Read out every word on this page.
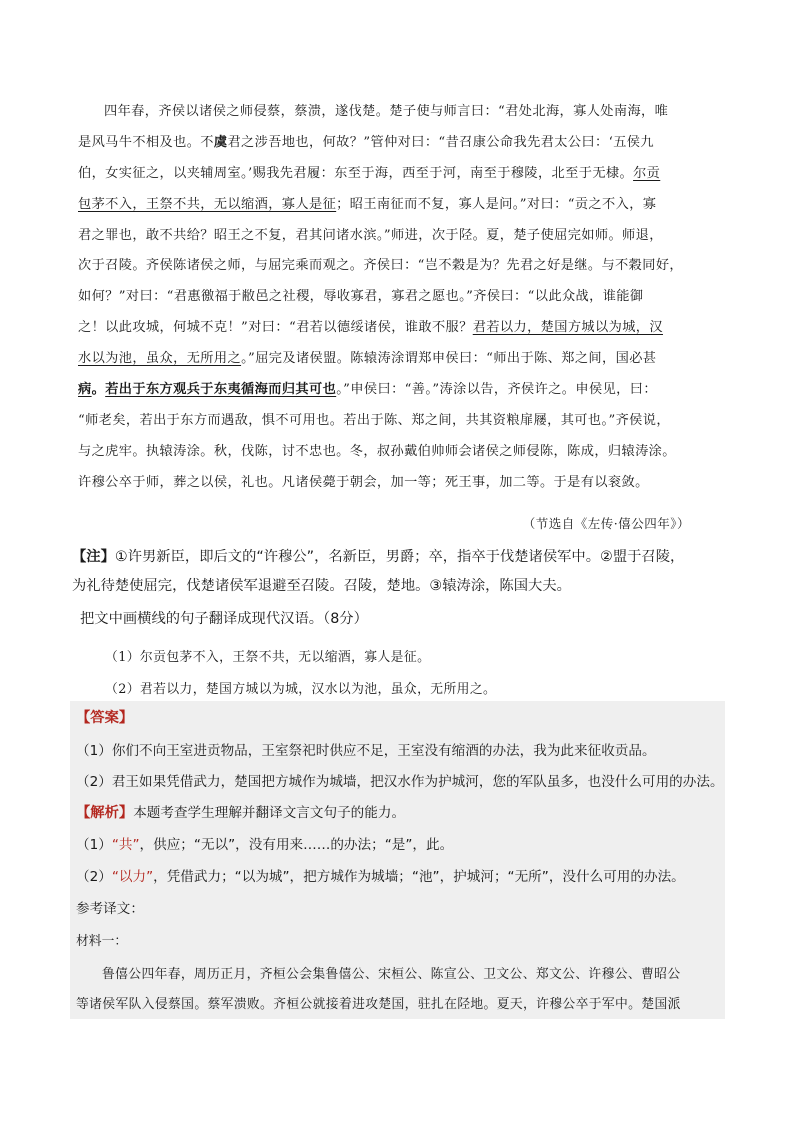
四年春，齐侯以诸侯之师侵蔡，蔡溃，遂伐楚。楚子使与师言曰：“君处北海，寡人处南海，唯
是风马牛不相及也。不虞君之涉吾地也，何故？”管仲对曰：“昔召康公命我先君太公曰：‘五侯九
伯，女实征之，以夹辅周室。’赐我先君履：东至于海，西至于河，南至于穆陵，北至于无棣。尔贡
包茅不入，王祭不共，无以缩酒，寡人是征；昭王南征而不复，寡人是问。”对曰：“贡之不入，寡
君之罪也，敢不共给？昭王之不复，君其问诸水滨。”师进，次于陉。夏，楚子使屈完如师。师退，
次于召陵。齐侯陈诸侯之师，与屈完乘而观之。齐侯曰：“岂不穀是为？先君之好是继。与不穀同好，
如何？”对曰：“君惠徼福于敝邑之社稷，辱收寡君，寡君之愿也。”齐侯曰：“以此众战，谁能御
之！以此攻城，何城不克！”对曰：“君若以德绥诸侯，谁敢不服？君若以力，楚国方城以为城，汉
水以为池，虽众，无所用之。”屈完及诸侯盟。陈辕涛涂谓郑申侯曰：“师出于陈、郑之间，国必甚
病。若出于东方观兵于东夷循海而归其可也。”申侯曰：“善。”涛涂以告，齐侯许之。申侯见，曰：
“师老矣，若出于东方而遇敌，惧不可用也。若出于陈、郑之间，共其资粮扉屦，其可也。”齐侯说，
与之虎牢。执辕涛涂。秋，伐陈，讨不忠也。冬，叔孙戴伯帅师会诸侯之师侵陈，陈成，归辕涛涂。
许穆公卒于师，葬之以侯，礼也。凡诸侯薨于朝会，加一等；死王事，加二等。于是有以衮敛。
（节选自《左传·僖公四年》）
【注】①许男新臣，即后文的“许穆公”，名新臣，男爵；卒，指卒于伐楚诸侯军中。②盟于召陵，
为礼待楚使屈完，伐楚诸侯军退避至召陵。召陵，楚地。③辕涛涂，陈国大夫。
把文中画横线的句子翻译成现代汉语。（8分）
（1）尔贡包茅不入，王祭不共，无以缩酒，寡人是征。
（2）君若以力，楚国方城以为城，汉水以为池，虽众，无所用之。
【答案】
（1）你们不向王室进贡物品，王室祭祀时供应不足，王室没有缩酒的办法，我为此来征收贡品。
（2）君王如果凭借武力，楚国把方城作为城墙，把汉水作为护城河，您的军队虽多，也没什么可用的办法。
【解析】本题考查学生理解并翻译文言文句子的能力。
（1）“共”，供应；“无以”，没有用来……的办法；“是”，此。
（2）“以力”，凭借武力；“以为城”，把方城作为城墙；“池”，护城河；“无所”，没什么可用的办法。
参考译文：
材料一：
鲁僖公四年春，周历正月，齐桓公会集鲁僖公、宋桓公、陈宣公、卫文公、郑文公、许穆公、曹昭公
等诸侯军队入侵蔡国。蔡军溃败。齐桓公就接着进攻楚国，驻扎在陉地。夏天，许穆公卒于军中。楚国派
